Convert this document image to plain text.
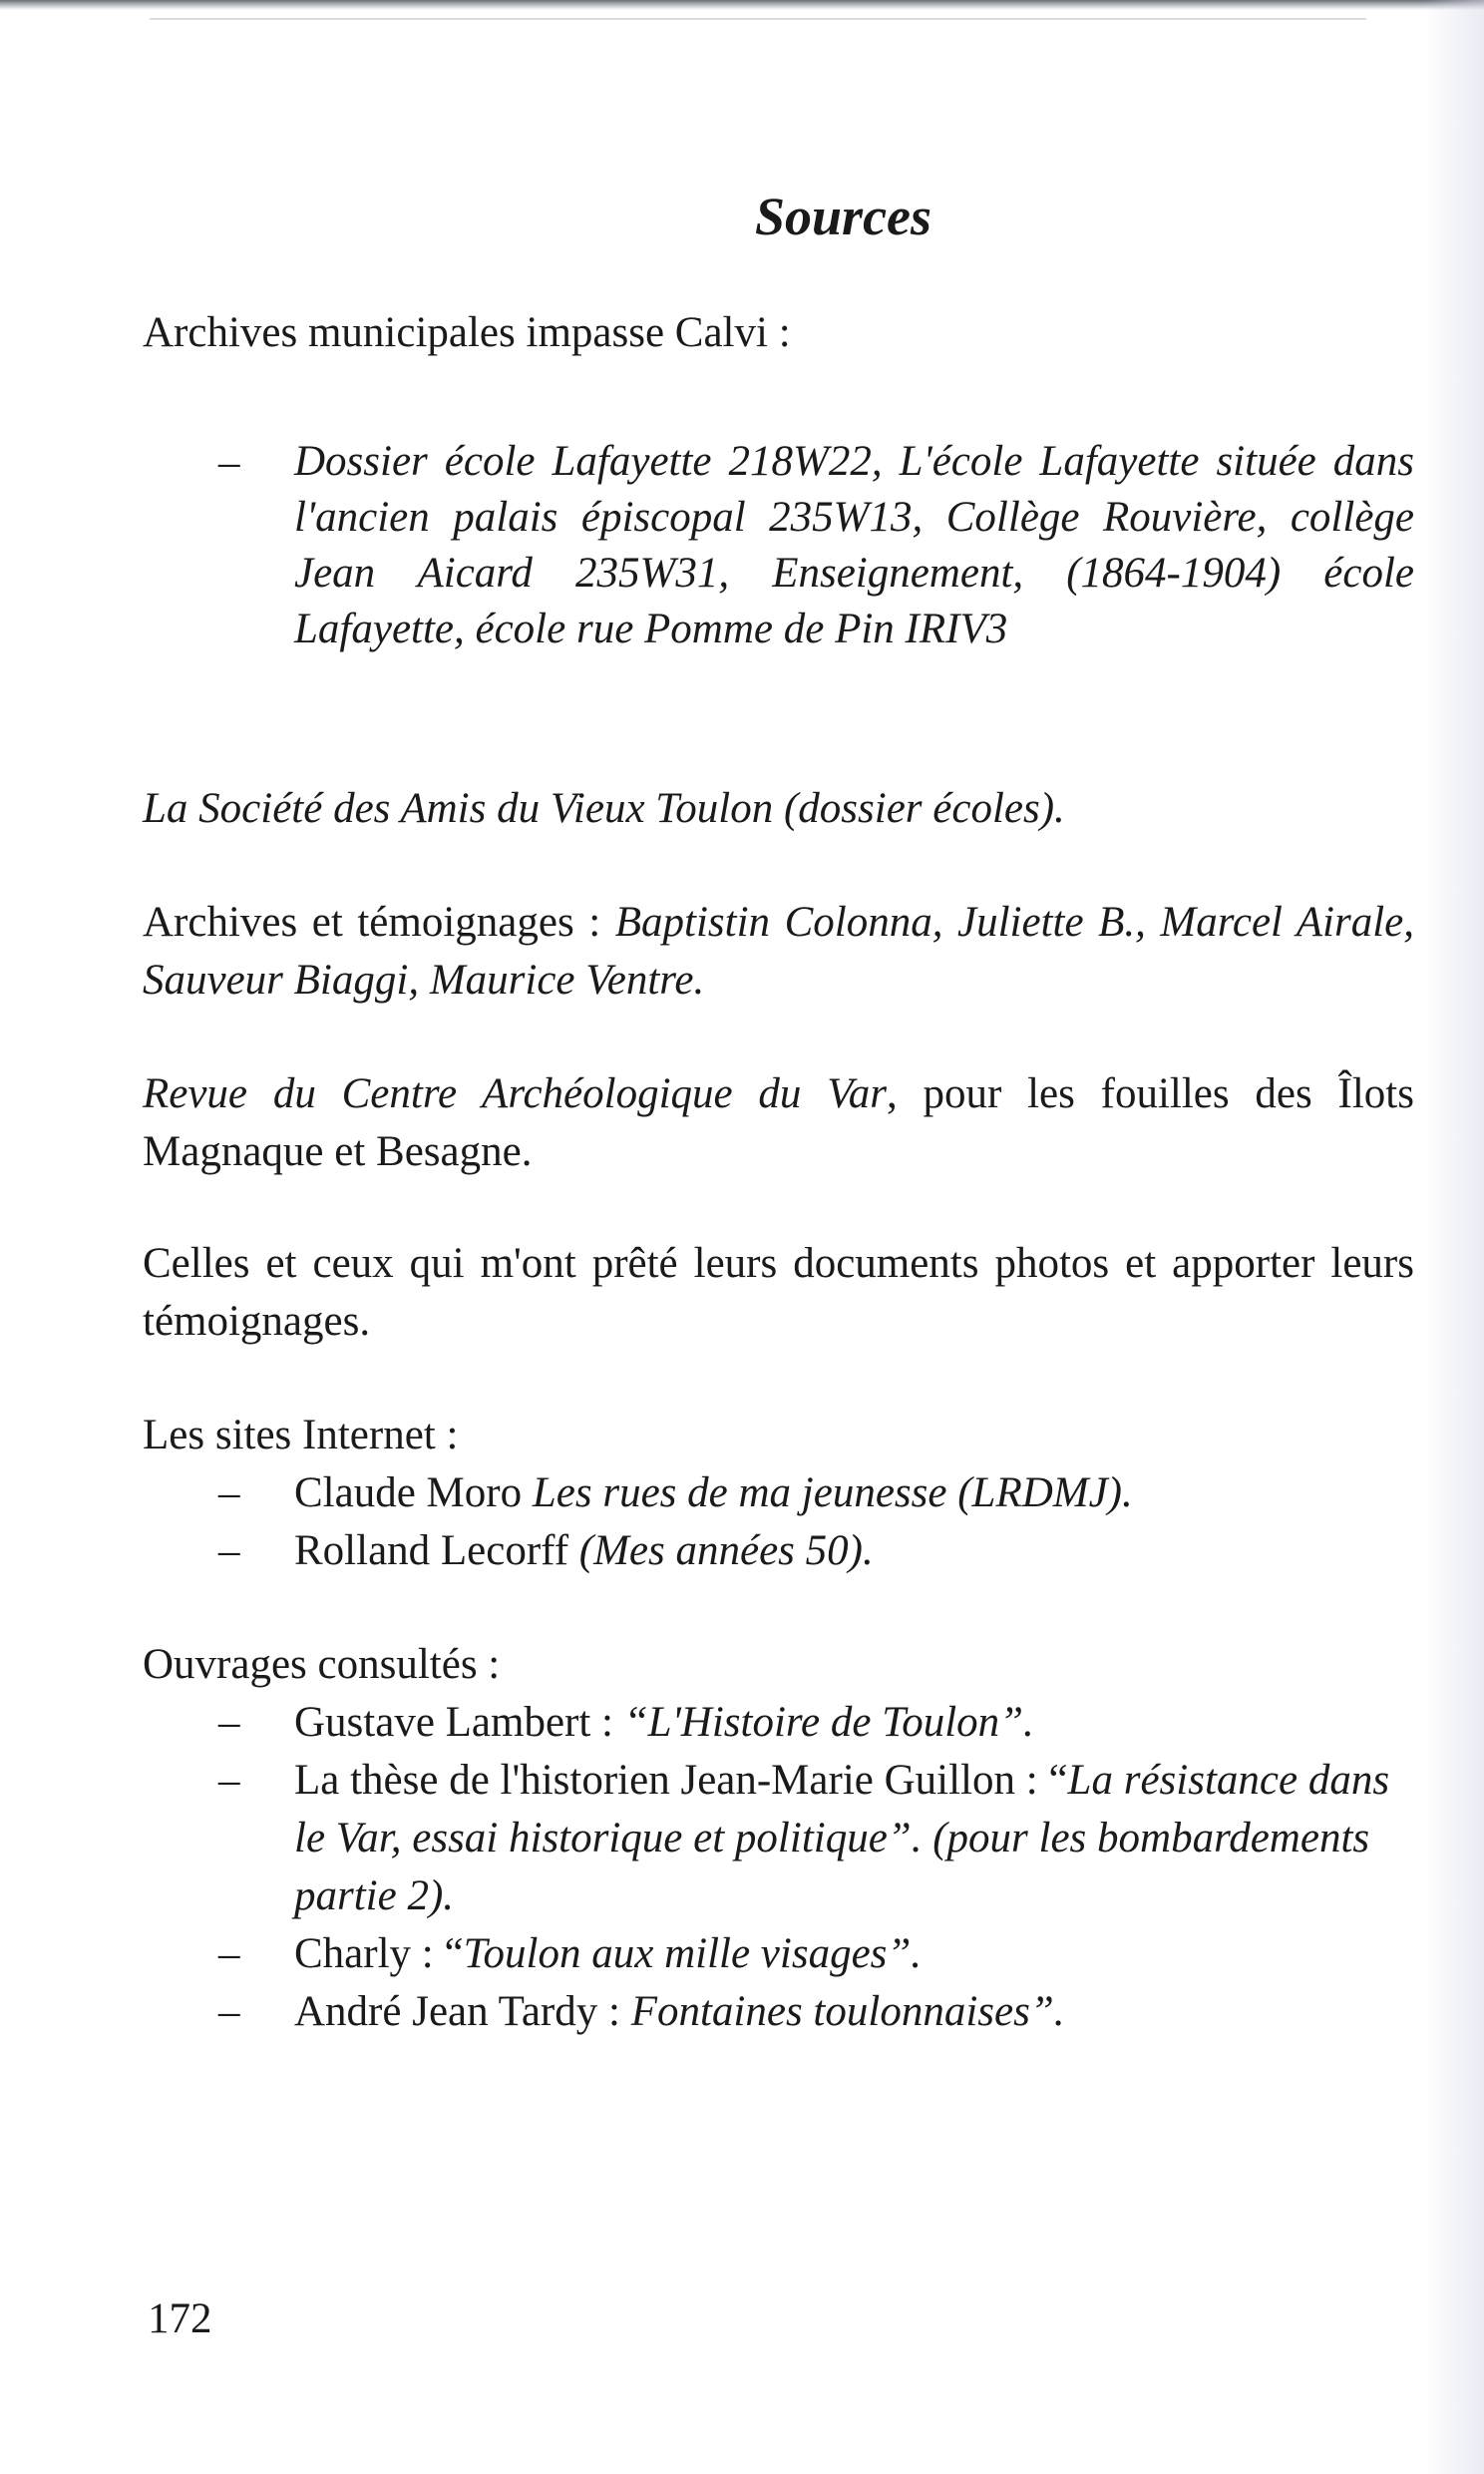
Sources

Archives municipales impasse Calvi :

–	Dossier école Lafayette 218W22, L'école Lafayette située dans l'ancien palais épiscopal 235W13, Collège Rouvière, collège Jean Aicard 235W31, Enseignement, (1864-1904) école Lafayette, école rue Pomme de Pin IRIV3

La Société des Amis du Vieux Toulon (dossier écoles).

Archives et témoignages : Baptistin Colonna, Juliette B., Marcel Airale, Sauveur Biaggi, Maurice Ventre.

Revue du Centre Archéologique du Var, pour les fouilles des Îlots Magnaque et Besagne.

Celles et ceux qui m'ont prêté leurs documents photos et apporter leurs témoignages.

Les sites Internet :

–	Claude Moro Les rues de ma jeunesse (LRDMJ).
–	Rolland Lecorff (Mes années 50).

Ouvrages consultés :

–	Gustave Lambert : “L'Histoire de Toulon”.
–	La thèse de l'historien Jean-Marie Guillon : “La résistance dans le Var, essai historique et politique”. (pour les bombardements partie 2).
–	Charly : “Toulon aux mille visages”.
–	André Jean Tardy : Fontaines toulonnaises”.
172
